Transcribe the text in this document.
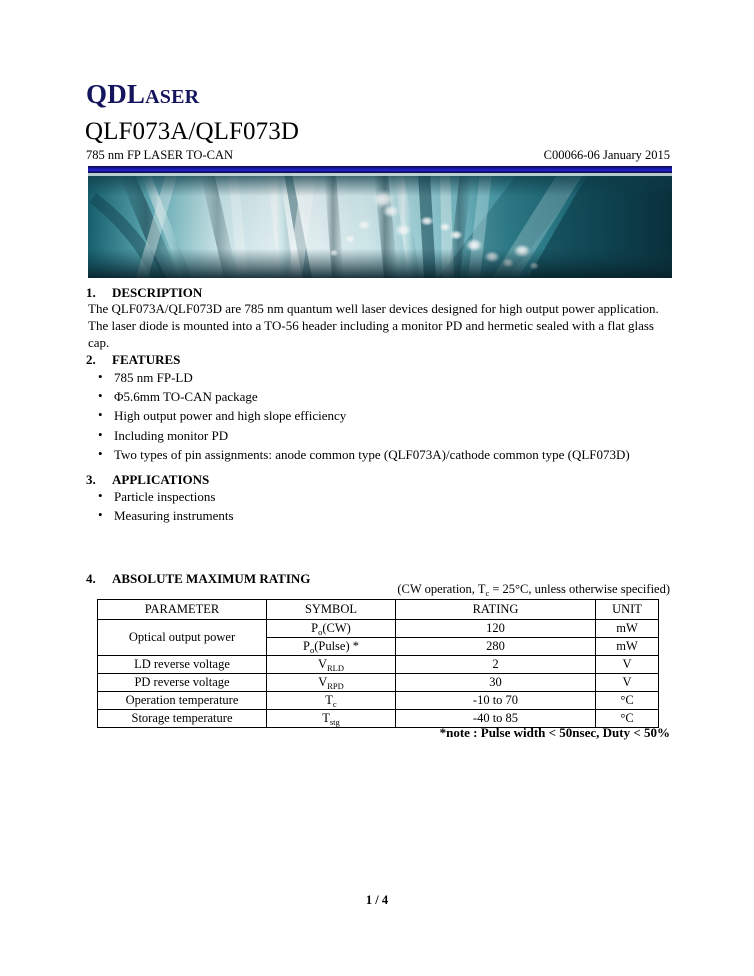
QDLASER
QLF073A/QLF073D
785 nm FP LASER TO-CAN	C00066-06 January 2015
1. DESCRIPTION
The QLF073A/QLF073D are 785 nm quantum well laser devices designed for high output power application. The laser diode is mounted into a TO-56 header including a monitor PD and hermetic sealed with a flat glass cap.
2. FEATURES
• 785 nm FP-LD
• Φ5.6mm TO-CAN package
• High output power and high slope efficiency
• Including monitor PD
• Two types of pin assignments: anode common type (QLF073A)/cathode common type (QLF073D)
3. APPLICATIONS
• Particle inspections
• Measuring instruments
4. ABSOLUTE MAXIMUM RATING
(CW operation, $T_c = 25^\circ C$, unless otherwise specified)
PARAMETER	SYMBOL	RATING	UNIT
Optical output power	$P_o(CW)$	120	mW
	$P_o(Pulse)$ *	280	mW
LD reverse voltage	$V_{RLD}$	2	V
PD reverse voltage	$V_{RPD}$	30	V
Operation temperature	$T_c$	-10 to 70	°C
Storage temperature	$T_{stg}$	-40 to 85	°C
*note : Pulse width < 50nsec, Duty < 50%
1 / 4
